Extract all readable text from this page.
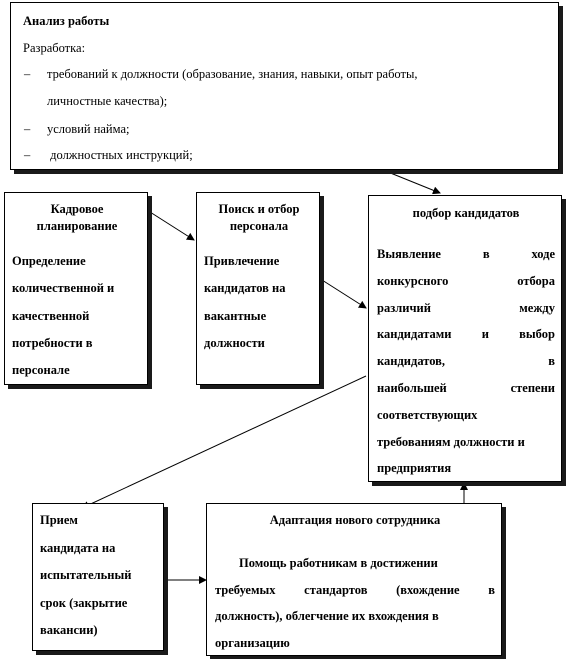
Анализ работы
Разработка:
– требований к должности (образование, знания, навыки, опыт работы,
личностные качества);
– условий найма;
– должностных инструкций;
Кадровое
планирование
Определение
количественной и
качественной
потребности в
персонале
Поиск и отбор
персонала
Привлечение
кандидатов на
вакантные
должности
подбор кандидатов
Выявление	в	ходе
конкурсного	отбора
различий	между
кандидатами и выбор
кандидатов,	в
наибольшей	степени
соответствующих
требованиям должности и
предприятия
Прием
кандидата на
испытательный
срок (закрытие
вакансии)
Адаптация нового сотрудника
Помощь работникам в достижении
требуемых стандартов (вхождение в
должность), облегчение их вхождения в
организацию
